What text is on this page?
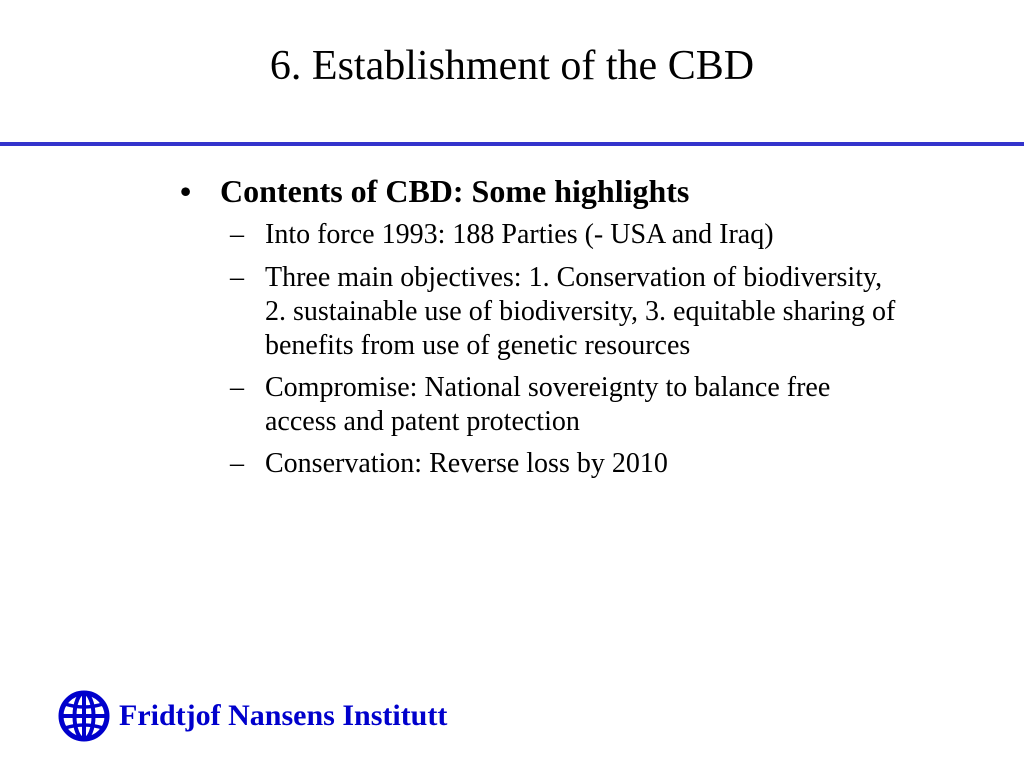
6. Establishment of the CBD
• Contents of CBD: Some highlights
– Into force 1993: 188 Parties (- USA and Iraq)
– Three main objectives: 1. Conservation of biodiversity, 2. sustainable use of biodiversity, 3. equitable sharing of benefits from use of genetic resources
– Compromise: National sovereignty to balance free access and patent protection
– Conservation: Reverse loss by 2010
Fridtjof Nansens Institutt
